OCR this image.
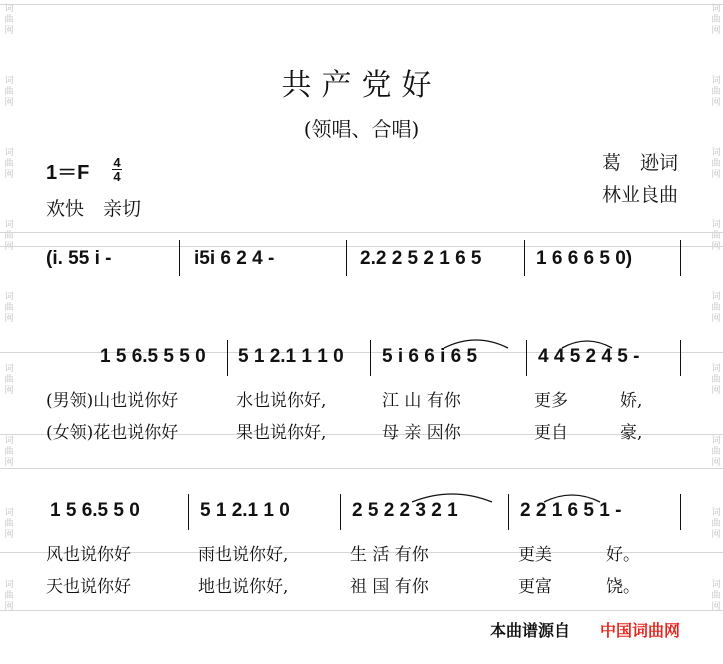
词
曲
网
词
曲
网
词
曲
网
词
曲
网
词
曲
网
词
曲
网
词
曲
网
词
曲
网
词
曲
网
词
曲
网
词
曲
网
词
曲
网
词
曲
网
词
曲
网
词
曲
网
词
曲
网
词
曲
网
词
曲
网
共产党好
(领唱、合唱)
1＝F 4
4
欢快　亲切
葛　逊词
林业良曲
(i. 55 i -	i5i 6 2 4 -	2.2 2 5 2 1 6 5	1 6 6 6 5 0)
1 5 6.5 5 5 0 5 1 2.1 1 1 0 5 i 6 6 i 6 5	4 4 5 2 4 5 -
(男领)山也说你好	水也说你好,	江 山 有你	更多	娇,
(女领)花也说你好	果也说你好,	母 亲 因你	更自	豪,
1 5 6.5 5 0	5 1 2.1 1 0	2 5 2 2 3 2 1	2 2 1 6 5 1 -
风也说你好	雨也说你好,	生 活 有你	更美	好。
天也说你好	地也说你好,	祖 国 有你	更富	饶。
本曲谱源自 中国词曲网
